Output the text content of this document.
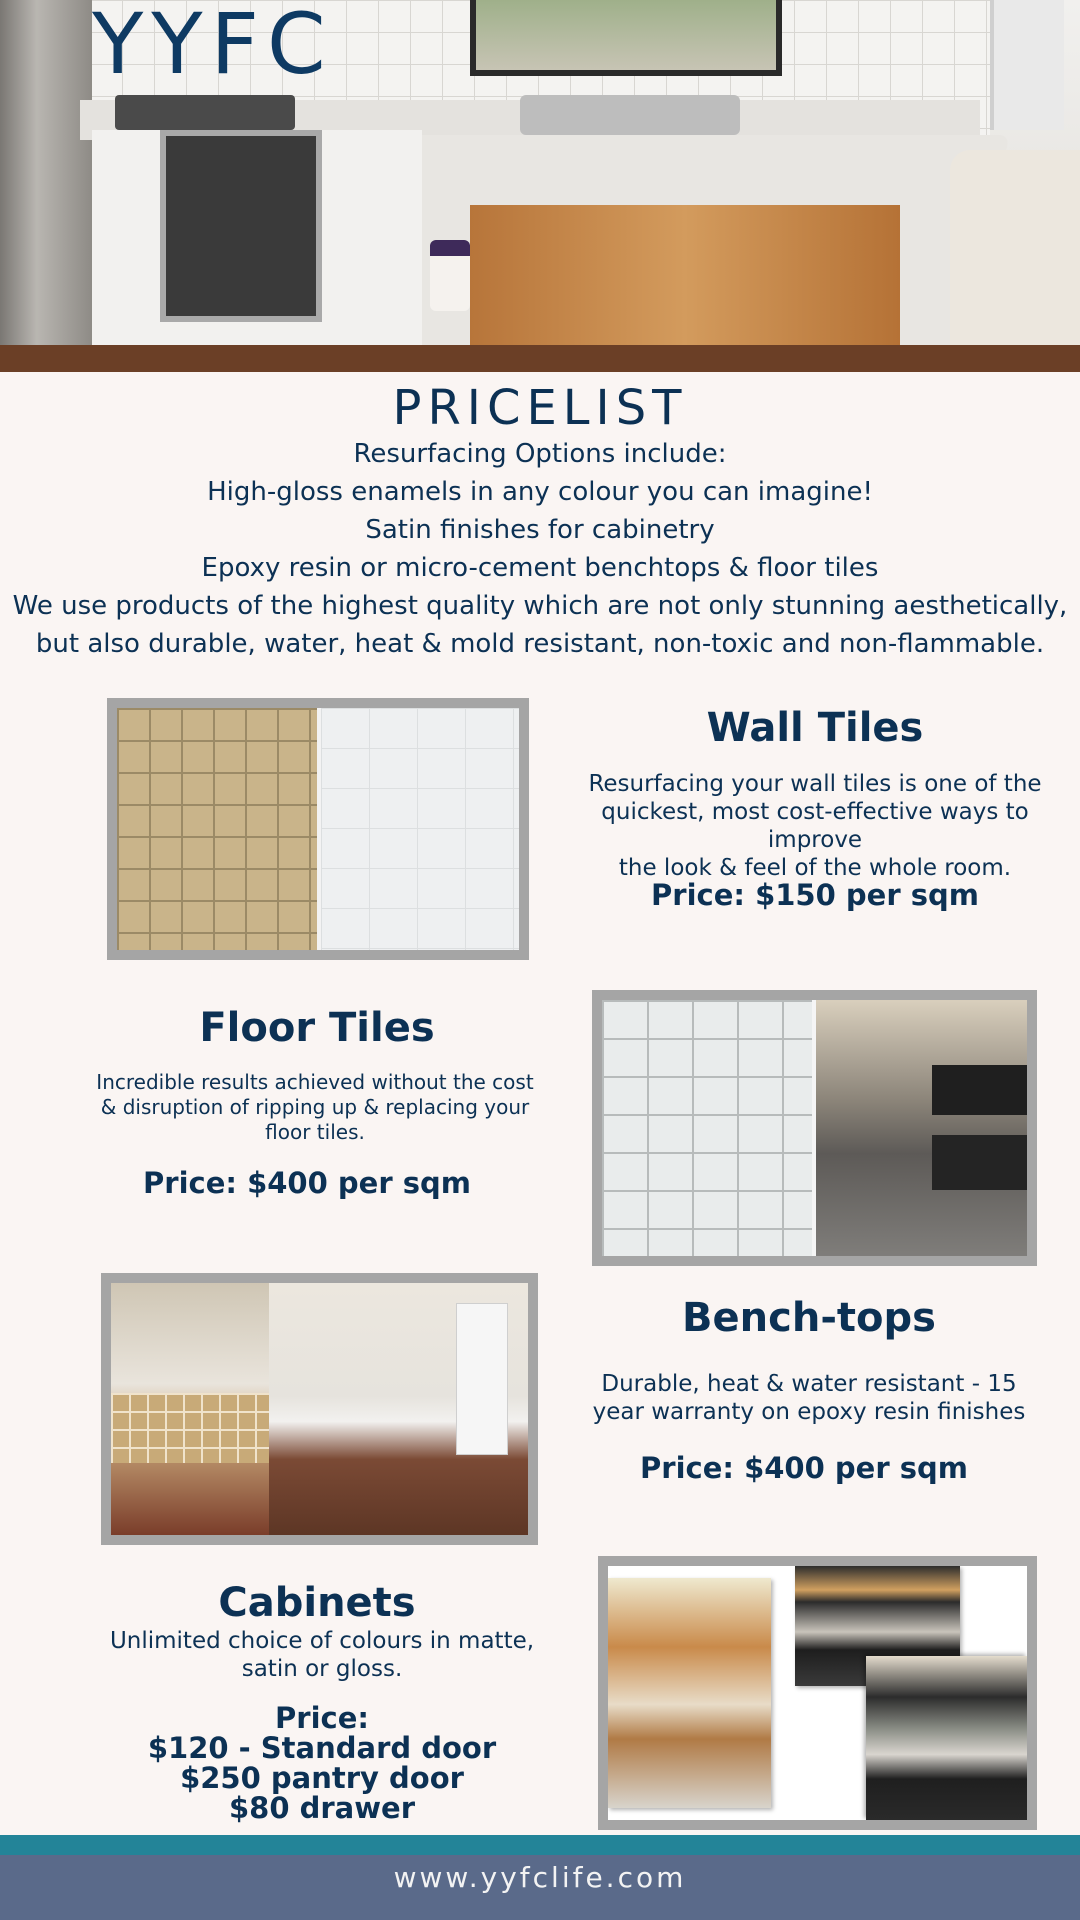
YYFC
PRICELIST
Resurfacing Options include:
High-gloss enamels in any colour you can imagine!
Satin finishes for cabinetry
Epoxy resin or micro-cement benchtops & floor tiles
We use products of the highest quality which are not only stunning aesthetically,
but also durable, water, heat & mold resistant, non-toxic and non-flammable.
Wall Tiles
Resurfacing your wall tiles is one of the
quickest, most cost-effective ways to improve
the look & feel of the whole room.
Price: $150 per sqm
Floor Tiles
Incredible results achieved without the cost
& disruption of ripping up & replacing your
floor tiles.
Price: $400 per sqm
Bench-tops
Durable, heat & water resistant - 15
year warranty on epoxy resin finishes
Price: $400 per sqm
Cabinets
Unlimited choice of colours in matte,
satin or gloss.
Price:
$120 - Standard door
$250 pantry door
$80 drawer
www.yyfclife.com
